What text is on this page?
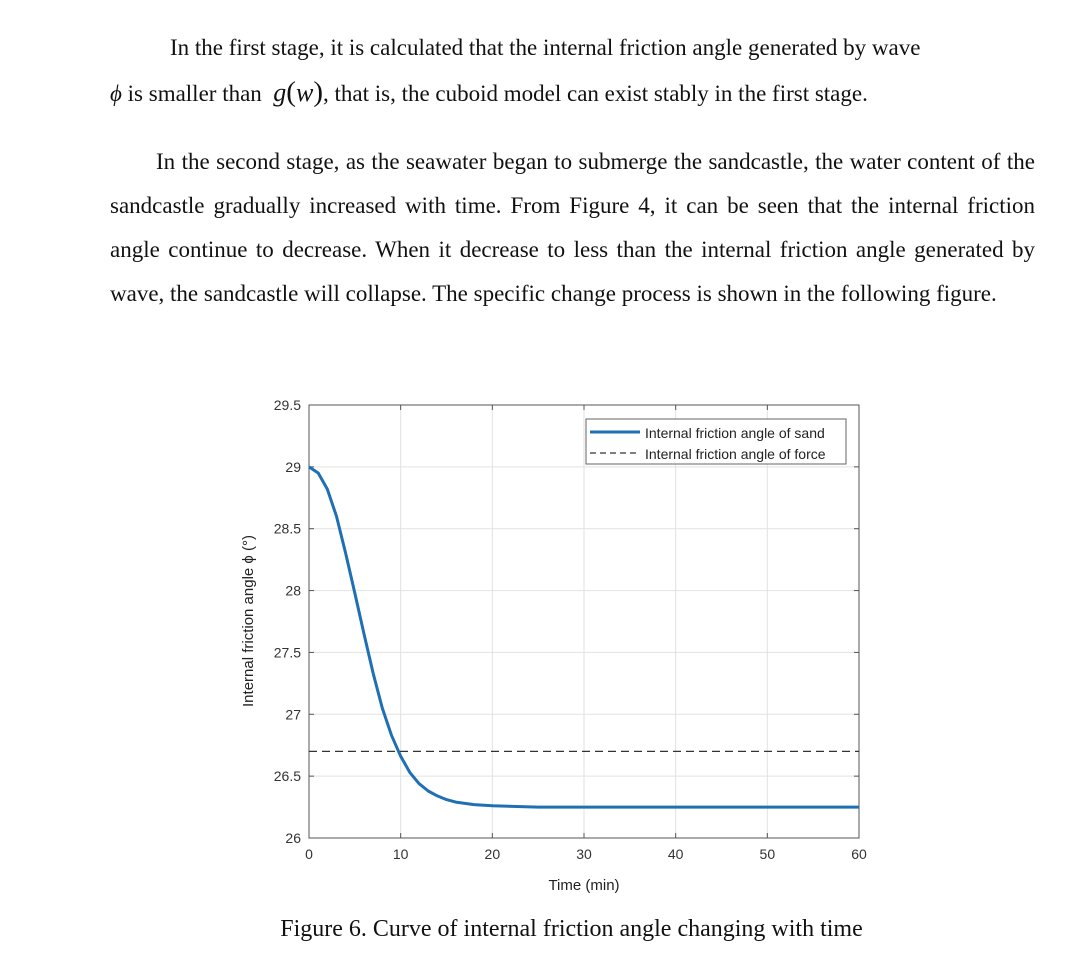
In the first stage, it is calculated that the internal friction angle generated by wave
ϕ is smaller than  g(w), that is, the cuboid model can exist stably in the first stage.
In the second stage, as the seawater began to submerge the sandcastle, the water content of the sandcastle gradually increased with time. From Figure 4, it can be seen that the internal friction angle continue to decrease. When it decrease to less than the internal friction angle generated by wave, the sandcastle will collapse. The specific change process is shown in the following figure.
0	10	20	30	40	50	60
26
26.5
27
27.5
28
28.5
29
29.5
Time (min)
Internal friction angle ϕ (°)
Internal friction angle of sand
Internal friction angle of force
Figure 6. Curve of internal friction angle changing with time
